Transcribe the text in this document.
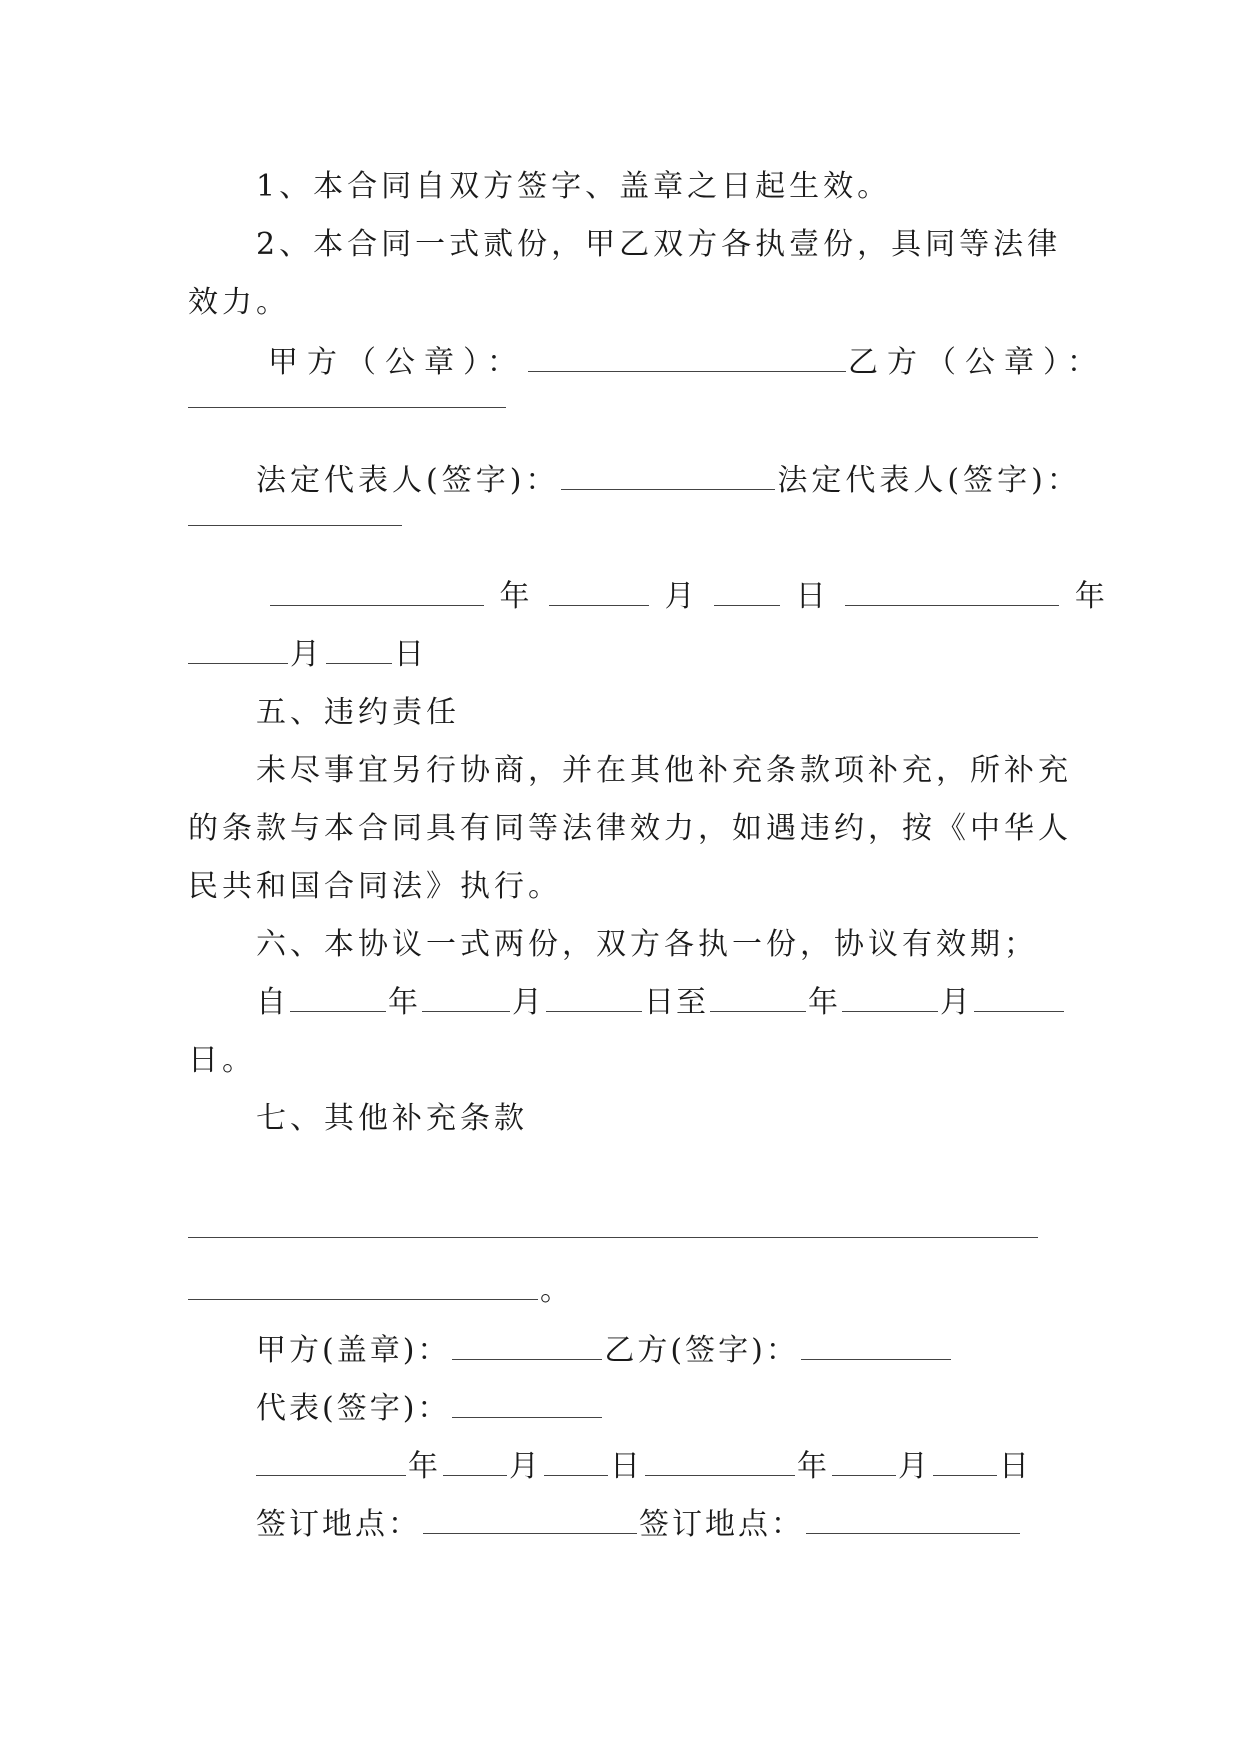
1、本合同自双方签字、盖章之日起生效。
2、本合同一式贰份，甲乙双方各执壹份，具同等法律
效力。
甲方（公章）：	乙方（公章）：
法定代表人(签字)：	法定代表人(签字)：
年	月	日	年
月 日
五、违约责任
未尽事宜另行协商，并在其他补充条款项补充，所补充
的条款与本合同具有同等法律效力，如遇违约，按《中华人
民共和国合同法》执行。
六、本协议一式两份，双方各执一份，协议有效期；
自	年	月	日至	年	月
日。
七、其他补充条款
。
甲方(盖章)：	乙方(签字)：
代表(签字)：
年 月 日	年 月 日
签订地点：	签订地点：
